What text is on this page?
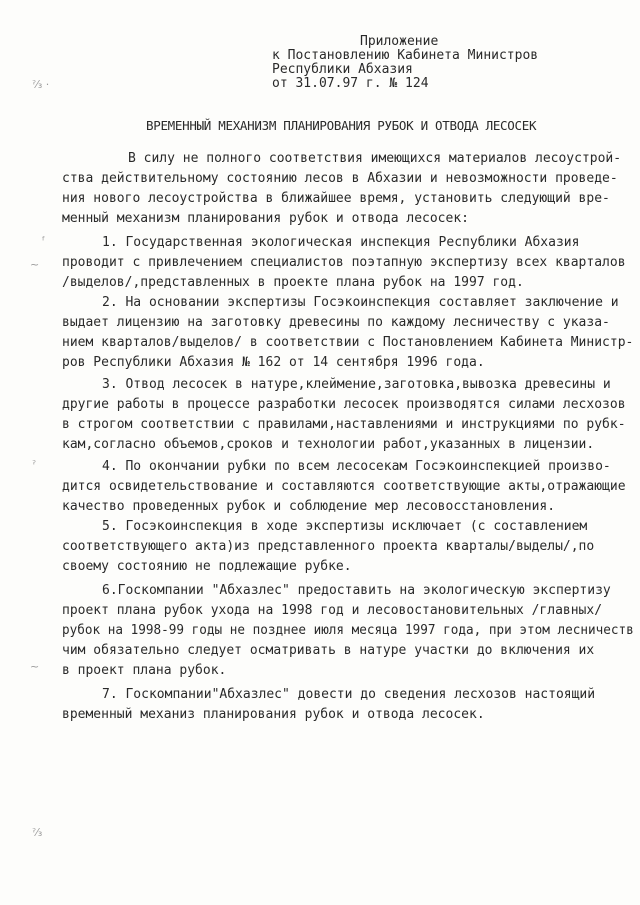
Приложение
к Постановлению Кабинета Министров
Республики Абхазия
от 31.07.97 г. № 124
ВРЕМЕННЫЙ МЕХАНИЗМ ПЛАНИРОВАНИЯ РУБОК И ОТВОДА ЛЕСОСЕК
В силу не полного соответствия имеющихся материалов лесоустрой-
ства действительному состоянию лесов в Абхазии и невозможности проведе-
ния нового лесоустройства в ближайшее время, установить следующий вре-
менный механизм планирования рубок и отвода лесосек:
1. Государственная экологическая инспекция Республики Абхазия
проводит с привлечением специалистов поэтапную экспертизу всех кварталов
/выделов/,представленных в проекте плана рубок на 1997 год.
2. На основании экспертизы Госэкоинспекция составляет заключение и
выдает лицензию на заготовку древесины по каждому лесничеству с указа-
нием кварталов/выделов/ в соответствии с Постановлением Кабинета Министр-
ров Республики Абхазия № 162 от 14 сентября 1996 года.
3. Отвод лесосек в натуре,клеймение,заготовка,вывозка древесины и
другие работы в процессе разработки лесосек производятся силами лесхозов
в строгом соответствии с правилами,наставлениями и инструкциями по рубк-
кам,согласно объемов,сроков и технологии работ,указанных в лицензии.
4. По окончании рубки по всем лесосекам Госэкоинспекцией произво-
дится освидетельствование и составляются соответствующие акты,отражающие
качество проведенных рубок и соблюдение мер лесовосстановления.
5. Госэкоинспекция в ходе экспертизы исключает (с составлением
соответствующего акта)из представленного проекта кварталы/выделы/,по
своему состоянию не подлежащие рубке.
6.Госкомпании "Абхазлес" предоставить на экологическую экспертизу
проект плана рубок ухода на 1998 год и лесовостановительных /главных/
рубок на 1998-99 годы не позднее июля месяца 1997 года, при этом лесничеств
чим обязательно следует осматривать в натуре участки до включения их
в проект плана рубок.
7. Госкомпании"Абхазлес" довести до сведения лесхозов настоящий
временный механиз планирования рубок и отвода лесосек.
ˀ⁄₃ ·
ᶠ
~
ˀ
~
ˀ⁄₃
